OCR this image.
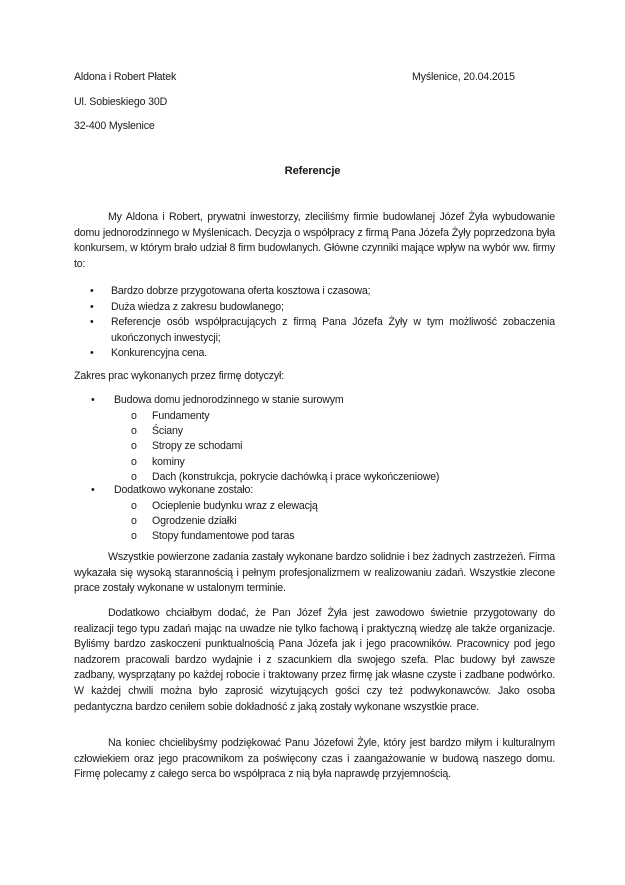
Aldona i Robert Płatek	Myślenice, 20.04.2015
Ul. Sobieskiego 30D
32-400 Myslenice
Referencje

My Aldona i Robert, prywatni inwestorzy, zleciliśmy firmie budowlanej Józef Żyła wybudowanie domu jednorodzinnego w Myślenicach. Decyzja o współpracy z firmą Pana Józefa Żyły poprzedzona była konkursem, w którym brało udział 8 firm budowlanych. Główne czynniki mające wpływ na wybór ww. firmy to:

• Bardzo dobrze przygotowana oferta kosztowa i czasowa;
• Duża wiedza z zakresu budowlanego;
• Referencje osób współpracujących z firmą Pana Józefa Żyły w tym możliwość zobaczenia ukończonych inwestycji;
• Konkurencyjna cena.
Zakres prac wykonanych przez firmę dotyczył:
• Budowa domu jednorodzinnego w stanie surowym
o Fundamenty
o Ściany
o Stropy ze schodami
o kominy
o Dach (konstrukcja, pokrycie dachówką i prace wykończeniowe)
• Dodatkowo wykonane zostało:
o Ocieplenie budynku wraz z elewacją
o Ogrodzenie działki
o Stopy fundamentowe pod taras

Wszystkie powierzone zadania zastały wykonane bardzo solidnie i bez żadnych zastrzeżeń. Firma wykazała się wysoką starannością i pełnym profesjonalizmem w realizowaniu zadań. Wszystkie zlecone prace zostały wykonane w ustalonym terminie.

Dodatkowo chciałbym dodać, że Pan Józef Żyła jest zawodowo świetnie przygotowany do realizacji tego typu zadań mając na uwadze nie tylko fachową i praktyczną wiedzę ale także organizacje. Byliśmy bardzo zaskoczeni punktualnością Pana Józefa jak i jego pracowników. Pracownicy pod jego nadzorem pracowali bardzo wydajnie i z szacunkiem dla swojego szefa. Plac budowy był zawsze zadbany, wysprzątany po każdej robocie i traktowany przez firmę jak własne czyste i zadbane podwórko. W każdej chwili można było zaprosić wizytujących gości czy też podwykonawców. Jako osoba pedantyczna bardzo ceniłem sobie dokładność z jaką zostały wykonane wszystkie prace.

Na koniec chcielibyśmy podziękować Panu Józefowi Żyle, który jest bardzo miłym i kulturalnym człowiekiem oraz jego pracownikom za poświęcony czas i zaangażowanie w budową naszego domu. Firmę polecamy z całego serca bo współpraca z nią była naprawdę przyjemnością.
